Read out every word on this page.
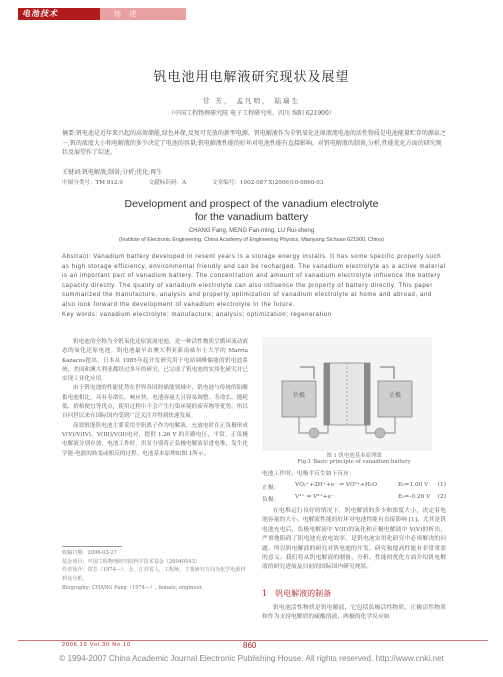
电池技术	综 述
钒电池用电解液研究现状及展望
常 芳， 孟凡明， 陆瑞生
（中国工程物理研究院 电子工程研究所，四川 绵阳 621900）
摘要:钒电池是近年来兴起的高效储能,绿色环保,反复可充放的新型电源。钒电解液作为全钒氧化还原液流电池的活性物质是电池能量贮存的源泉之一,钒的浓度大小和电解液的多少决定了电池的容量;钒电解液性能的好坏对电池性能有直接影响。对钒电解液的制备,分析,性能优化方面的研究现状及展望作了综述。
关键词:钒电解液;制备;分析;优化;再生
中图分类号：TM 912.9	文献标识码：A	文章编号：1002-087 X(2006)10-0860-03
Development and prospect of the vanadium electrolyte
for the vanadium battery
CHANG Fang, MENG Fan-ming, LU Rui-sheng
(Institute of Electronic Engineering, China Academy of Engineering Physics, Mianyang Sichuan 621900, China)
Abstract: Vanadium battery developed in resent years is a storage energy installs. It has some specific property such as high storage efficiency, environmental friendly and can be recharged. The vanadium electrolyte as a active material is an important part of vanadium battery. The concentration and amount of vanadium electrolyte influence the battery capacity directly. The quality of vanadium electrolyte can also influence the property of battery directly. This paper summarized the manufacture, analysis and property optimization of vanadium electrolyte at home and abroad, and also look forward the development of vanadium electrolyte in the future.
Key words: vanadium electrolyte; manufacture; analysis; optimization; regeneration

钒电池的全称为全钒氧化还原液流电池，是一种活性物质呈循环流动液态的氧化还原电池。钒电池最早由澳大利亚新南威尔士大学的 Marria Kazacos提出，日本从 1985年起开发研究用于电站调峰储能的钒电池系统，美国和澳大利亚都经过多年的研究，已完成了钒电池的实用化研究并已实现工业化应用。

由于钒电池的性能优势在世界各国的储能领域中，钒电池与传统的铅酸蓄电池相比，具有寿命长、响应快、电池容量大且容易调整、寿命长、能耗低、价格便宜等优点，使用过程中不会产生污染环境的废弃物等优势，所以自问世以来在国际国内受到广泛关注并得到快速发展。

高效钒能钒电池主要采用全钒离子作为电解液，充放电时在正负极形成 V(V)/V(IV)、V(III)/V(II)电对，提供 1.26 V 的开路电压，平常，正负极电解液分别存放，电池工作时，用泵分别将正负极电解液泵进电堆，发生化学能-电能的转变或相反的过程。电池基本原理如图 1所示。

收稿日期：2006-03-27
基金项目：中国工程物理研究院科学技术基金（20040543）
作者简介：常芳（1974—），女，江苏省人，工程师，主要研究方向为化学电源材料及分析。
Biography: CHANG Fang（1974—）, female, engineer.
负极	正极
图 1 钒电池基本原理图
Fig.1 Basic principle of vanadium battery
电池工作时，电极半反生如下反应：
正极：	VO₂⁺+2H⁺+e⁻ ⇌ VO²⁺+H₂O	E₀=1.00 V (1)
负极：	V²⁺ ⇌ V³⁺+e⁻	E₀=-0.26 V (2)

在电堆运行良好的情况下，钒电解液的多少和浓度大小，决定着电池容量的大小。电解液性能的好坏对电池性能有直接影响 [1]。尤其是钒电池充电后，负极电解液中 V(II)的氧化和正极电解液中 V(V)的析出，严重地阻碍了钒电池充放电效率，是钒电池实用化研究中必须解决的问题。所以钒电解液的研究对钒电池的开发、研究和提高性能有非常重要的意义。我们将从钒电解液的制备、分析、性能的优化方面介绍钒电解液的研究进展及目前的国际国内研究现状。

1 钒电解液的制备

钒电池活性物质是钒电解液，它包括负极活性物质、正极活性物质和作为支持电解质的硫酸溶液，两极的化学反应如

2006.10 Vol.30 No.10	860
© 1994-2007 China Academic Journal Electronic Publishing House. All rights reserved. http://www.cnki.net
